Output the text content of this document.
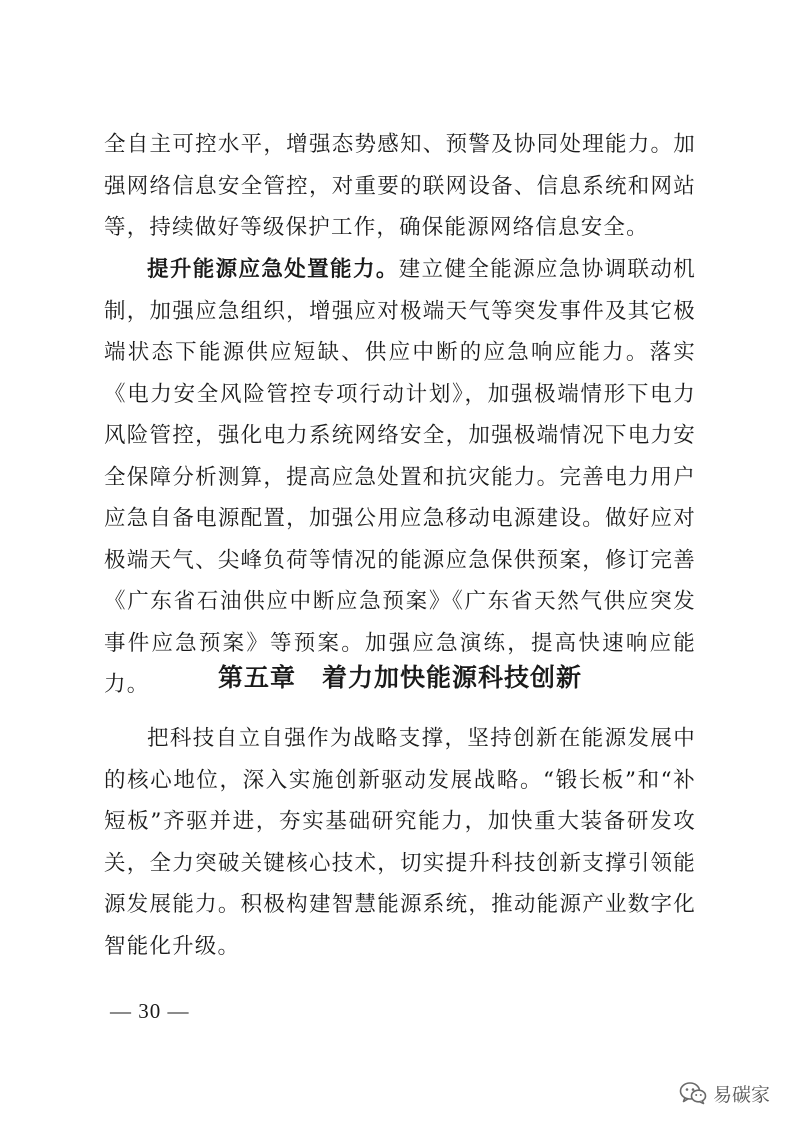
全自主可控水平，增强态势感知、预警及协同处理能力。加强网络信息安全管控，对重要的联网设备、信息系统和网站等，持续做好等级保护工作，确保能源网络信息安全。

提升能源应急处置能力。建立健全能源应急协调联动机制，加强应急组织，增强应对极端天气等突发事件及其它极端状态下能源供应短缺、供应中断的应急响应能力。落实《电力安全风险管控专项行动计划》，加强极端情形下电力风险管控，强化电力系统网络安全，加强极端情况下电力安全保障分析测算，提高应急处置和抗灾能力。完善电力用户应急自备电源配置，加强公用应急移动电源建设。做好应对极端天气、尖峰负荷等情况的能源应急保供预案，修订完善《广东省石油供应中断应急预案》《广东省天然气供应突发事件应急预案》等预案。加强应急演练，提高快速响应能力。	第五章 着力加快能源科技创新

把科技自立自强作为战略支撑，坚持创新在能源发展中的核心地位，深入实施创新驱动发展战略。“锻长板”和“补短板”齐驱并进，夯实基础研究能力，加快重大装备研发攻关，全力突破关键核心技术，切实提升科技创新支撑引领能源发展能力。积极构建智慧能源系统，推动能源产业数字化智能化升级。

— 30 —
易碳家
